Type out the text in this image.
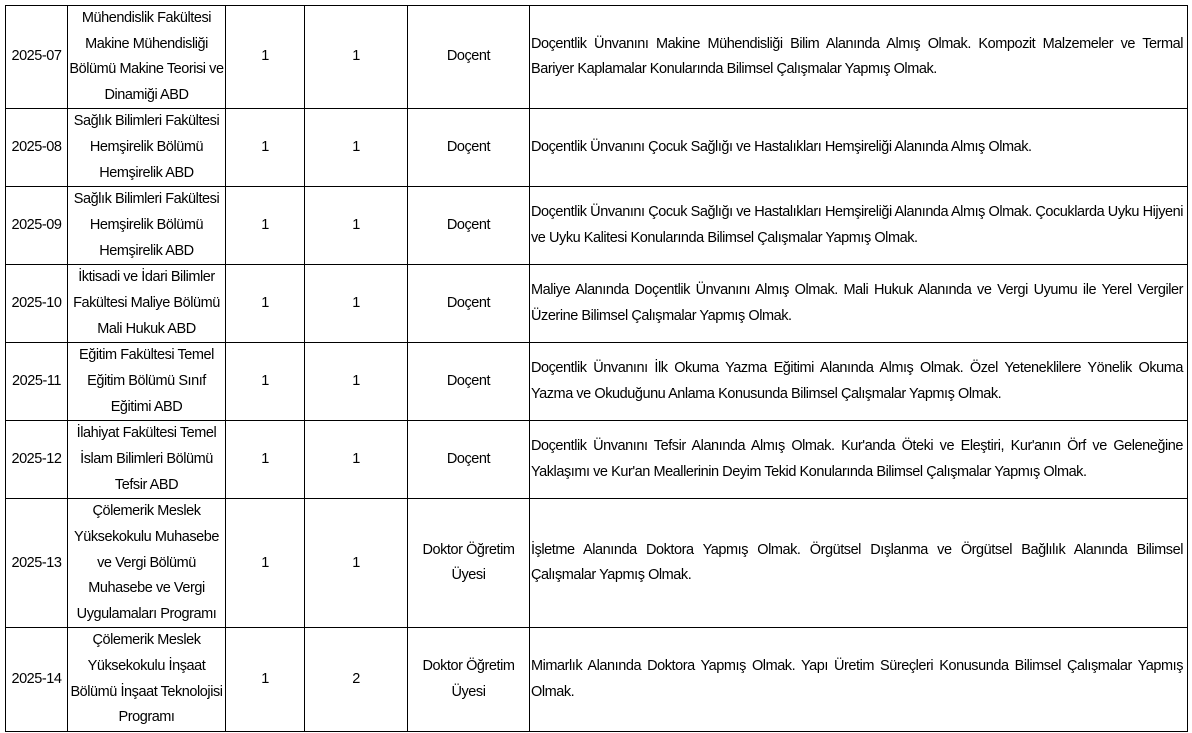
2025-07	Mühendislik Fakültesi Makine Mühendisliği Bölümü Makine Teorisi ve Dinamiği ABD	1	1	Doçent	Doçentlik Ünvanını Makine Mühendisliği Bilim Alanında Almış Olmak. Kompozit Malzemeler ve Termal Bariyer Kaplamalar Konularında Bilimsel Çalışmalar Yapmış Olmak.
2025-08	Sağlık Bilimleri Fakültesi Hemşirelik Bölümü Hemşirelik ABD	1	1	Doçent	Doçentlik Ünvanını Çocuk Sağlığı ve Hastalıkları Hemşireliği Alanında Almış Olmak.
2025-09	Sağlık Bilimleri Fakültesi Hemşirelik Bölümü Hemşirelik ABD	1	1	Doçent	Doçentlik Ünvanını Çocuk Sağlığı ve Hastalıkları Hemşireliği Alanında Almış Olmak. Çocuklarda Uyku Hijyeni ve Uyku Kalitesi Konularında Bilimsel Çalışmalar Yapmış Olmak.
2025-10	İktisadi ve İdari Bilimler Fakültesi Maliye Bölümü Mali Hukuk ABD	1	1	Doçent	Maliye Alanında Doçentlik Ünvanını Almış Olmak. Mali Hukuk Alanında ve Vergi Uyumu ile Yerel Vergiler Üzerine Bilimsel Çalışmalar Yapmış Olmak.
2025-11	Eğitim Fakültesi Temel Eğitim Bölümü Sınıf Eğitimi ABD	1	1	Doçent	Doçentlik Ünvanını İlk Okuma Yazma Eğitimi Alanında Almış Olmak. Özel Yeteneklilere Yönelik Okuma Yazma ve Okuduğunu Anlama Konusunda Bilimsel Çalışmalar Yapmış Olmak.
2025-12	İlahiyat Fakültesi Temel İslam Bilimleri Bölümü Tefsir ABD	1	1	Doçent	Doçentlik Ünvanını Tefsir Alanında Almış Olmak. Kur'anda Öteki ve Eleştiri, Kur'anın Örf ve Geleneğine Yaklaşımı ve Kur'an Meallerinin Deyim Tekid Konularında Bilimsel Çalışmalar Yapmış Olmak.
2025-13	Çölemerik Meslek Yüksekokulu Muhasebe ve Vergi Bölümü Muhasebe ve Vergi Uygulamaları Programı	1	1	Doktor Öğretim Üyesi	İşletme Alanında Doktora Yapmış Olmak. Örgütsel Dışlanma ve Örgütsel Bağlılık Alanında Bilimsel Çalışmalar Yapmış Olmak.
2025-14	Çölemerik Meslek Yüksekokulu İnşaat Bölümü İnşaat Teknolojisi Programı	1	2	Doktor Öğretim Üyesi	Mimarlık Alanında Doktora Yapmış Olmak. Yapı Üretim Süreçleri Konusunda Bilimsel Çalışmalar Yapmış Olmak.
